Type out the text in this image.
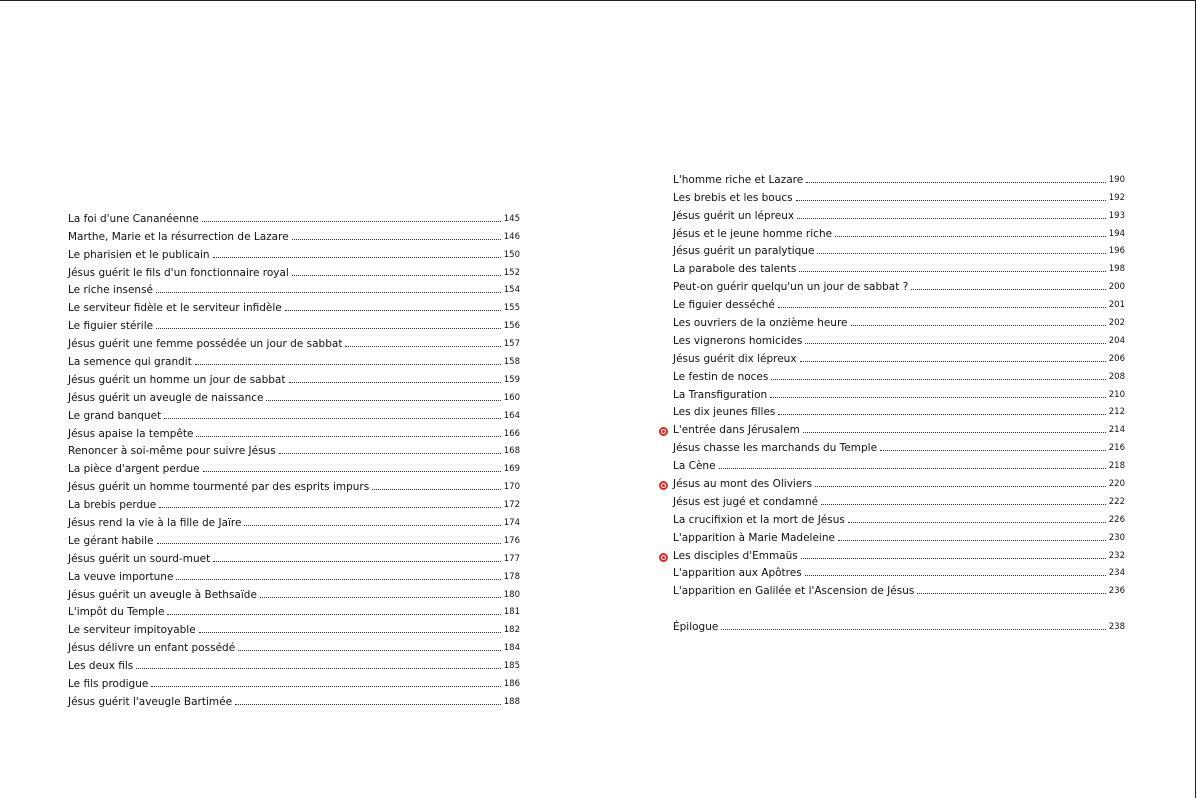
La foi d'une Cananéenne	145
Marthe, Marie et la résurrection de Lazare	146
Le pharisien et le publicain	150
Jésus guérit le fils d'un fonctionnaire royal	152
Le riche insensé	154
Le serviteur fidèle et le serviteur infidèle	155
Le figuier stérile	156
Jésus guérit une femme possédée un jour de sabbat	157
La semence qui grandit	158
Jésus guérit un homme un jour de sabbat	159
Jésus guérit un aveugle de naissance	160
Le grand banquet	164
Jésus apaise la tempête	166
Renoncer à soi-même pour suivre Jésus	168
La pièce d'argent perdue	169
Jésus guérit un homme tourmenté par des esprits impurs	170
La brebis perdue	172
Jésus rend la vie à la fille de Jaïre	174
Le gérant habile	176
Jésus guérit un sourd-muet	177
La veuve importune	178
Jésus guérit un aveugle à Bethsaïde	180
L'impôt du Temple	181
Le serviteur impitoyable	182
Jésus délivre un enfant possédé	184
Les deux fils	185
Le fils prodigue	186
Jésus guérit l'aveugle Bartimée	188
L'homme riche et Lazare	190
Les brebis et les boucs	192
Jésus guérit un lépreux	193
Jésus et le jeune homme riche	194
Jésus guérit un paralytique	196
La parabole des talents	198
Peut-on guérir quelqu'un un jour de sabbat ?	200
Le figuier desséché	201
Les ouvriers de la onzième heure	202
Les vignerons homicides	204
Jésus guérit dix lépreux	206
Le festin de noces	208
La Transfiguration	210
Les dix jeunes filles	212
L'entrée dans Jérusalem	214
Jésus chasse les marchands du Temple	216
La Cène	218
Jésus au mont des Oliviers	220
Jésus est jugé et condamné	222
La crucifixion et la mort de Jésus	226
L'apparition à Marie Madeleine	230
Les disciples d'Emmaüs	232
L'apparition aux Apôtres	234
L'apparition en Galilée et l'Ascension de Jésus	236
Épilogue	238
